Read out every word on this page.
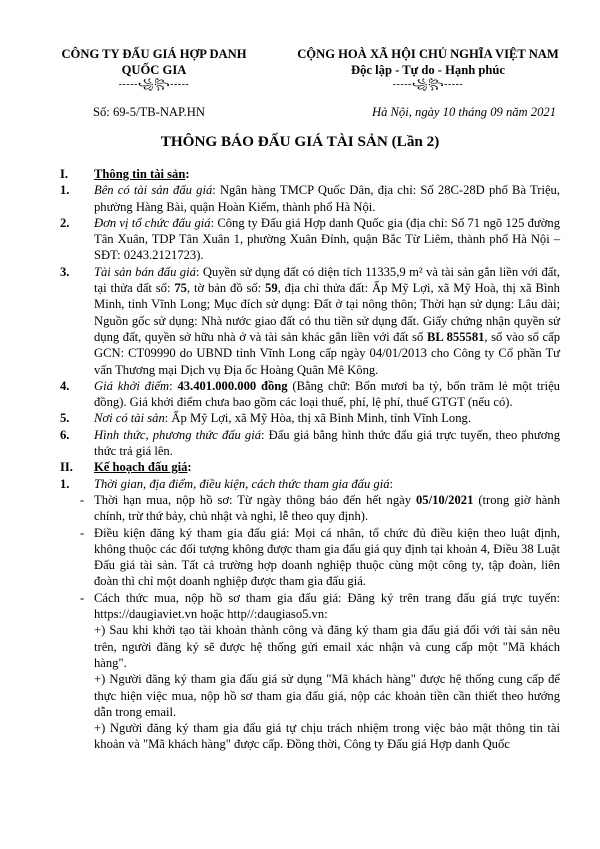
CÔNG TY ĐẤU GIÁ HỢP DANH
QUỐC GIA
-----꧁꧂-----
CỘNG HOÀ XÃ HỘI CHỦ NGHĨA VIỆT NAM
Độc lập - Tự do - Hạnh phúc
-----꧁꧂-----
Số: 69-5/TB-NAP.HN	Hà Nội, ngày 10 tháng 09 năm 2021
THÔNG BÁO ĐẤU GIÁ TÀI SẢN (Lần 2)
I. Thông tin tài sản:
1. Bên có tài sản đấu giá: Ngân hàng TMCP Quốc Dân, địa chỉ: Số 28C-28D phố Bà Triệu, phường Hàng Bài, quận Hoàn Kiếm, thành phố Hà Nội.
2. Đơn vị tổ chức đấu giá: Công ty Đấu giá Hợp danh Quốc gia (địa chỉ: Số 71 ngõ 125 đường Tân Xuân, TDP Tân Xuân 1, phường Xuân Đỉnh, quận Bắc Từ Liêm, thành phố Hà Nội – SĐT: 0243.2121723).
3. Tài sản bán đấu giá: Quyền sử dụng đất có diện tích 11335,9 m² và tài sản gắn liền với đất, tại thửa đất số: 75, tờ bản đồ số: 59, địa chỉ thửa đất: Ấp Mỹ Lợi, xã Mỹ Hoà, thị xã Bình Minh, tỉnh Vĩnh Long; Mục đích sử dụng: Đất ở tại nông thôn; Thời hạn sử dụng: Lâu dài; Nguồn gốc sử dụng: Nhà nước giao đất có thu tiền sử dụng đất. Giấy chứng nhận quyền sử dụng đất, quyền sở hữu nhà ở và tài sản khác gắn liền với đất số BL 855581, số vào sổ cấp GCN: CT09990 do UBND tỉnh Vĩnh Long cấp ngày 04/01/2013 cho Công ty Cổ phần Tư vấn Thương mại Dịch vụ Địa ốc Hoàng Quân Mê Kông.
4. Giá khởi điểm: 43.401.000.000 đồng (Bằng chữ: Bốn mươi ba tỷ, bốn trăm lẻ một triệu đồng). Giá khởi điểm chưa bao gồm các loại thuế, phí, lệ phí, thuế GTGT (nếu có).
5. Nơi có tài sản: Ấp Mỹ Lợi, xã Mỹ Hòa, thị xã Bình Minh, tỉnh Vĩnh Long.
6. Hình thức, phương thức đấu giá: Đấu giá bằng hình thức đấu giá trực tuyến, theo phương thức trả giá lên.
II. Kế hoạch đấu giá:
1. Thời gian, địa điểm, điều kiện, cách thức tham gia đấu giá:
- Thời hạn mua, nộp hồ sơ: Từ ngày thông báo đến hết ngày 05/10/2021 (trong giờ hành chính, trừ thứ bảy, chủ nhật và nghỉ, lễ theo quy định).
- Điều kiện đăng ký tham gia đấu giá: Mọi cá nhân, tổ chức đủ điều kiện theo luật định, không thuộc các đối tượng không được tham gia đấu giá quy định tại khoản 4, Điều 38 Luật Đấu giá tài sản. Tất cả trường hợp doanh nghiệp thuộc cùng một công ty, tập đoàn, liên đoàn thì chỉ một doanh nghiệp được tham gia đấu giá.
- Cách thức mua, nộp hồ sơ tham gia đấu giá: Đăng ký trên trang đấu giá trực tuyến: https://daugiaviet.vn hoặc http//:daugiaso5.vn:
+) Sau khi khởi tạo tài khoản thành công và đăng ký tham gia đấu giá đối với tài sản nêu trên, người đăng ký sẽ được hệ thống gửi email xác nhận và cung cấp một "Mã khách hàng".
+) Người đăng ký tham gia đấu giá sử dụng "Mã khách hàng" được hệ thống cung cấp để thực hiện việc mua, nộp hồ sơ tham gia đấu giá, nộp các khoản tiền cần thiết theo hướng dẫn trong email.
+) Người đăng ký tham gia đấu giá tự chịu trách nhiệm trong việc bảo mật thông tin tài khoản và "Mã khách hàng" được cấp. Đồng thời, Công ty Đấu giá Hợp danh Quốc
